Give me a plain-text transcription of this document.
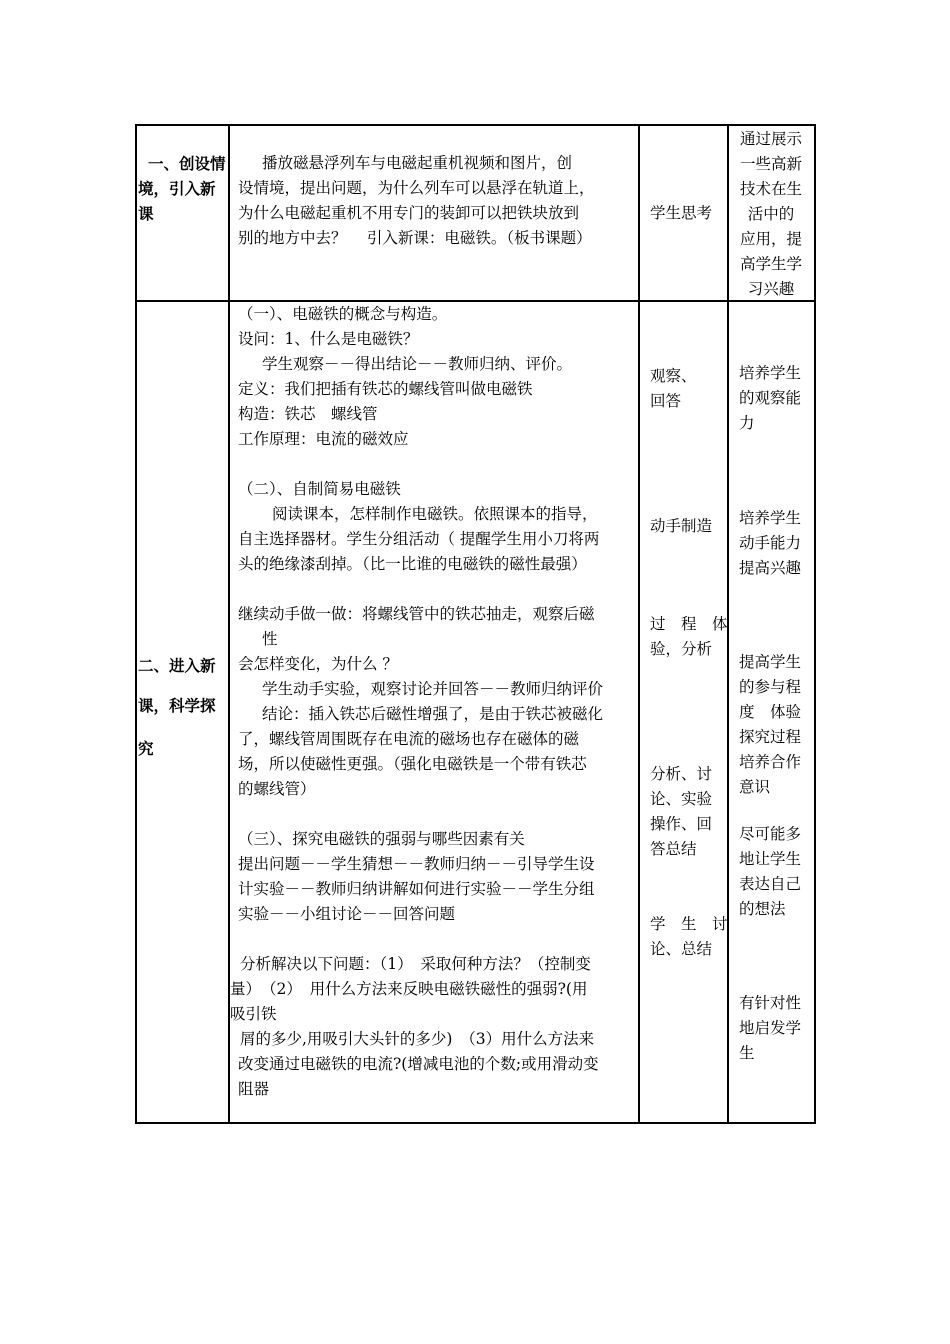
一、创设情
境，引入新
课
播放磁悬浮列车与电磁起重机视频和图片，创
设情境，提出问题，为什么列车可以悬浮在轨道上，
为什么电磁起重机不用专门的装卸可以把铁块放到
别的地方中去？　 引入新课：电磁铁。（板书课题）
学生思考
通过展示
一些高新
技术在生
活中的
应用，提
高学生学
习兴趣
二、进入新
课，科学探
究
（一）、电磁铁的概念与构造。
设问：1、什么是电磁铁？
学生观察－－得出结论－－教师归纳、评价。
定义：我们把插有铁芯的螺线管叫做电磁铁
构造：铁芯　螺线管
工作原理：电流的磁效应
（二）、自制简易电磁铁
阅读课本，怎样制作电磁铁。依照课本的指导，
自主选择器材。学生分组活动（ 提醒学生用小刀将两
头的绝缘漆刮掉。（比一比谁的电磁铁的磁性最强）
继续动手做一做：将螺线管中的铁芯抽走，观察后磁
性
会怎样变化，为什么 ？
学生动手实验，观察讨论并回答－－教师归纳评价
结论：插入铁芯后磁性增强了，是由于铁芯被磁化
了，螺线管周围既存在电流的磁场也存在磁体的磁
场，所以使磁性更强。（强化电磁铁是一个带有铁芯
的螺线管）
（三）、探究电磁铁的强弱与哪些因素有关
提出问题－－学生猜想－－教师归纳－－引导学生设
计实验－－教师归纳讲解如何进行实验－－学生分组
实验－－小组讨论－－回答问题
分析解决以下问题：（1）　采取何种方法？（控制变
量）　（2）　用什么方法来反映电磁铁磁性的强弱?(用
吸引铁
屑的多少,用吸引大头针的多少)　（3）用什么方法来
改变通过电磁铁的电流?(增减电池的个数;或用滑动变
阻器
观察、
回答
动手制造
过　程　体
验，分析
分析、讨
论、实验
操作、回
答总结
学　生　讨
论、总结
培养学生
的观察能
力
培养学生
动手能力
提高兴趣
提高学生
的参与程
度　体验
探究过程
培养合作
意识
尽可能多
地让学生
表达自己
的想法
有针对性
地启发学
生
